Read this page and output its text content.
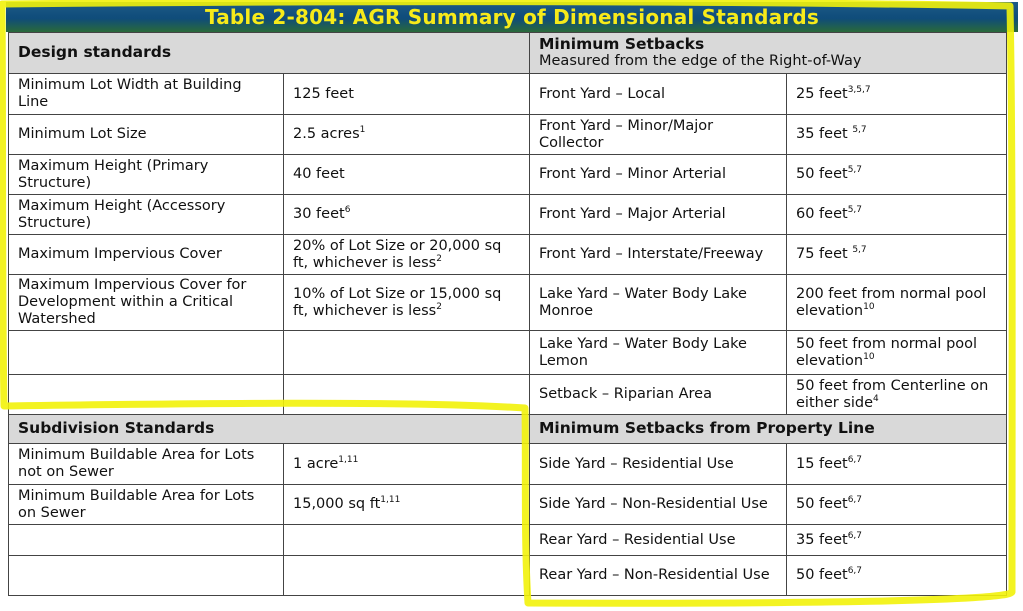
Table 2-804: AGR Summary of Dimensional Standards
Design standards		Minimum Setbacks
Measured from the edge of the Right-of-Way	

Minimum Lot Width at Building Line	125 feet	Front Yard – Local	25 feet$^{3,5,7}$
Minimum Lot Size	2.5 acres$^1$	Front Yard – Minor/Major Collector	35 feet $^{5,7}$
Maximum Height (Primary Structure)	40 feet	Front Yard – Minor Arterial	50 feet$^{5,7}$
Maximum Height (Accessory Structure)	30 feet$^6$	Front Yard – Major Arterial	60 feet$^{5,7}$
Maximum Impervious Cover	20% of Lot Size or 20,000 sq ft, whichever is less$^2$	Front Yard – Interstate/Freeway	75 feet $^{5,7}$
Maximum Impervious Cover for Development within a Critical Watershed	10% of Lot Size or 15,000 sq ft, whichever is less$^2$	Lake Yard – Water Body Lake Monroe	200 feet from normal pool elevation$^{10}$
		Lake Yard – Water Body Lake Lemon	50 feet from normal pool elevation$^{10}$
		Setback – Riparian Area	50 feet from Centerline on either side$^4$
Subdivision Standards		Minimum Setbacks from Property Line	
Minimum Buildable Area for Lots not on Sewer	1 acre$^{1,11}$	Side Yard – Residential Use	15 feet$^{6,7}$
Minimum Buildable Area for Lots on Sewer	15,000 sq ft$^{1,11}$	Side Yard – Non-Residential Use	50 feet$^{6,7}$
		Rear Yard – Residential Use	35 feet$^{6,7}$
		Rear Yard – Non-Residential Use	50 feet$^{6,7}$
